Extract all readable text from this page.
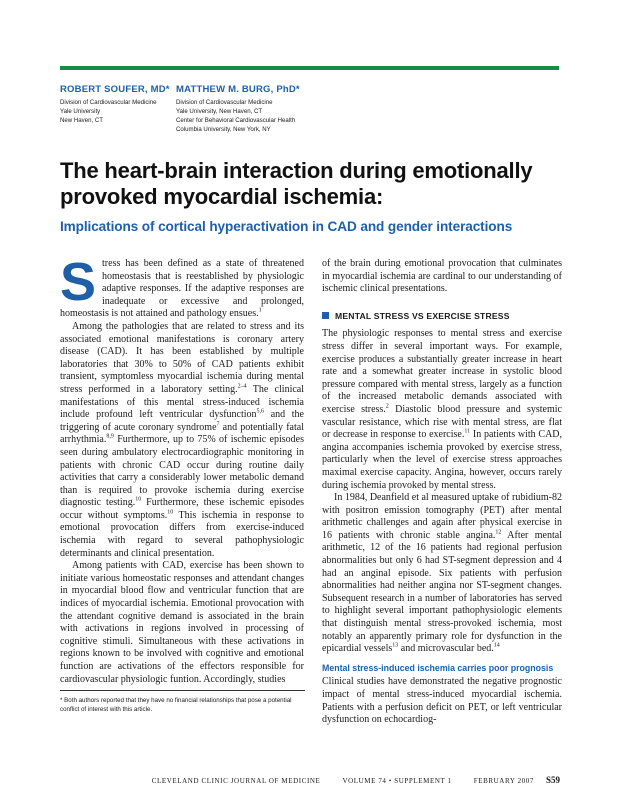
ROBERT SOUFER, MD*
Division of Cardiovascular Medicine
Yale University
New Haven, CT
MATTHEW M. BURG, PhD*
Division of Cardiovascular Medicine
Yale University, New Haven, CT
Center for Behavioral Cardiovascular Health
Columbia University, New York, NY
The heart-brain interaction during emotionally provoked myocardial ischemia:
Implications of cortical hyperactivation in CAD and gender interactions

Stress has been defined as a state of threatened homeostasis that is reestablished by physiologic adaptive responses. If the adaptive responses are inadequate or excessive and prolonged, homeostasis is not attained and pathology ensues.$^1$

Among the pathologies that are related to stress and its associated emotional manifestations is coronary artery disease (CAD). It has been established by multiple laboratories that 30% to 50% of CAD patients exhibit transient, symptomless myocardial ischemia during mental stress performed in a laboratory setting.$^{2-4}$ The clinical manifestations of this mental stress-induced ischemia include profound left ventricular dysfunction$^{5,6}$ and the triggering of acute coronary syndrome$^7$ and potentially fatal arrhythmia.$^{8,9}$ Furthermore, up to 75% of ischemic episodes seen during ambulatory electrocardiographic monitoring in patients with chronic CAD occur during routine daily activities that carry a considerably lower metabolic demand than is required to provoke ischemia during exercise diagnostic testing.$^{10}$ Furthermore, these ischemic episodes occur without symptoms.$^{10}$ This ischemia in response to emotional provocation differs from exercise-induced ischemia with regard to several pathophysiologic determinants and clinical presentation.

Among patients with CAD, exercise has been shown to initiate various homeostatic responses and attendant changes in myocardial blood flow and ventricular function that are indices of myocardial ischemia. Emotional provocation with the attendant cognitive demand is associated in the brain with activations in regions involved in processing of cognitive stimuli. Simultaneous with these activations in regions known to be involved with cognitive and emotional function are activations of the effectors responsible for cardiovascular physiologic funtion. Accordingly, studies

of the brain during emotional provocation that culminates in myocardial ischemia are cardinal to our understanding of ischemic clinical presentations.

MENTAL STRESS VS EXERCISE STRESS

The physiologic responses to mental stress and exercise stress differ in several important ways. For example, exercise produces a substantially greater increase in heart rate and a somewhat greater increase in systolic blood pressure compared with mental stress, largely as a function of the increased metabolic demands associated with exercise stress.$^2$ Diastolic blood pressure and systemic vascular resistance, which rise with mental stress, are flat or decrease in response to exercise.$^{11}$ In patients with CAD, angina accompanies ischemia provoked by exercise stress, particularly when the level of exercise stress approaches maximal exercise capacity. Angina, however, occurs rarely during ischemia provoked by mental stress.

In 1984, Deanfield et al measured uptake of rubidium-82 with positron emission tomography (PET) after mental arithmetic challenges and again after physical exercise in 16 patients with chronic stable angina.$^{12}$ After mental arithmetic, 12 of the 16 patients had regional perfusion abnormalities but only 6 had ST-segment depression and 4 had an anginal episode. Six patients with perfusion abnormalities had neither angina nor ST-segment changes. Subsequent research in a number of laboratories has served to highlight several important pathophysiologic elements that distinguish mental stress-provoked ischemia, most notably an apparently primary role for dysfunction in the epicardial vessels$^{13}$ and microvascular bed.$^{14}$

Mental stress-induced ischemia carries poor prognosis

Clinical studies have demonstrated the negative prognostic impact of mental stress-induced myocardial ischemia. Patients with a perfusion deficit on PET, or left ventricular dysfunction on echocardiog-

* Both authors reported that they have no financial relationships that pose a potential conflict of interest with this article.
CLEVELAND CLINIC JOURNAL OF MEDICINE	VOLUME 74 • SUPPLEMENT 1	FEBRUARY 2007 S59
